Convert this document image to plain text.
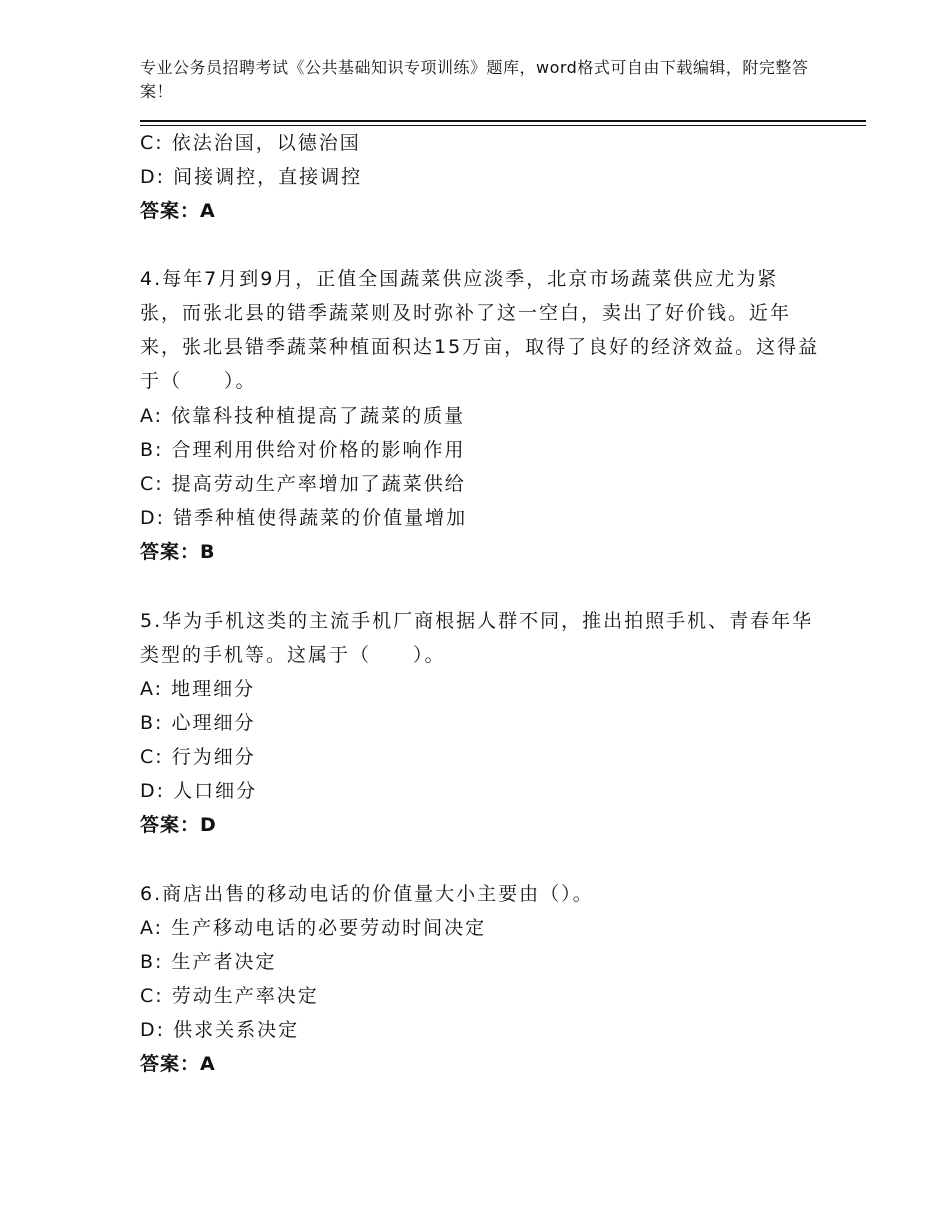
专业公务员招聘考试《公共基础知识专项训练》题库，word格式可自由下载编辑，附完整答案！
C: 依法治国，以德治国
D: 间接调控，直接调控
答案：A
4.每年7月到9月，正值全国蔬菜供应淡季，北京市场蔬菜供应尤为紧张，而张北县的错季蔬菜则及时弥补了这一空白，卖出了好价钱。近年来，张北县错季蔬菜种植面积达15万亩，取得了良好的经济效益。这得益于（　　）。
A: 依靠科技种植提高了蔬菜的质量
B: 合理利用供给对价格的影响作用
C: 提高劳动生产率增加了蔬菜供给
D: 错季种植使得蔬菜的价值量增加
答案：B
5.华为手机这类的主流手机厂商根据人群不同，推出拍照手机、青春年华类型的手机等。这属于（　　）。
A: 地理细分
B: 心理细分
C: 行为细分
D: 人口细分
答案：D
6.商店出售的移动电话的价值量大小主要由（）。
A: 生产移动电话的必要劳动时间决定
B: 生产者决定
C: 劳动生产率决定
D: 供求关系决定
答案：A
